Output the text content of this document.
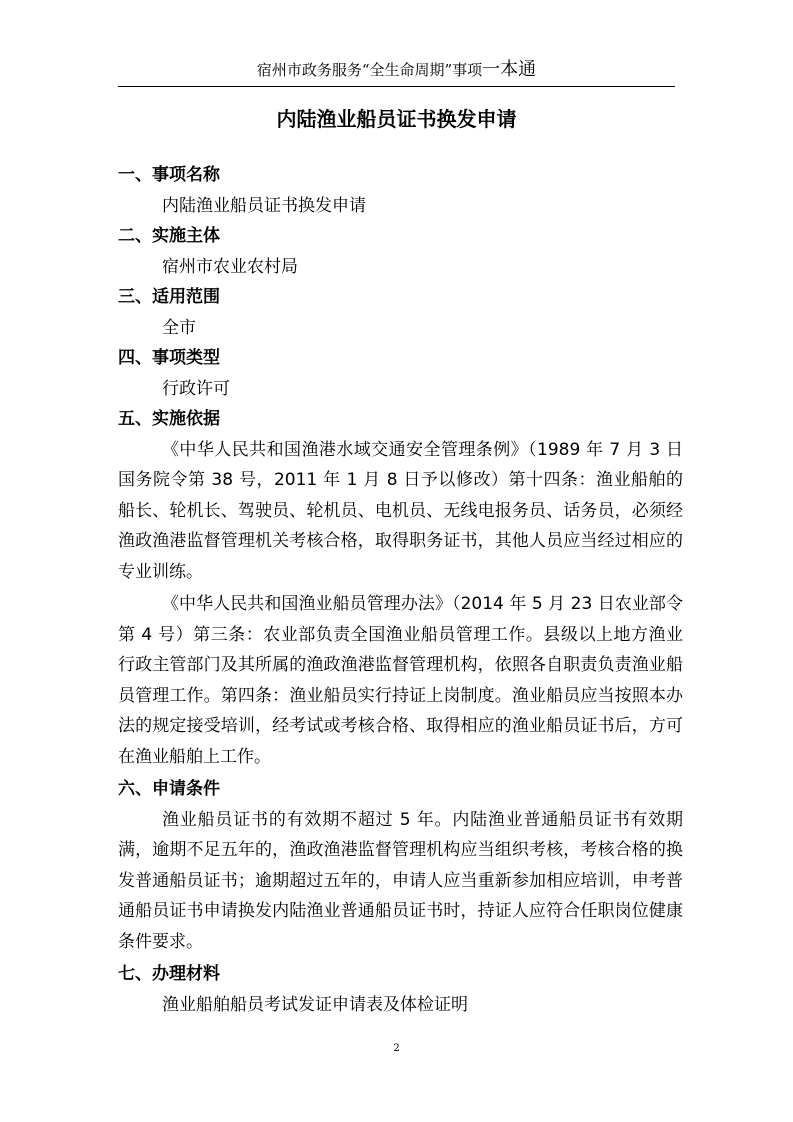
宿州市政务服务“全生命周期”事项一本通
内陆渔业船员证书换发申请
一、事项名称
内陆渔业船员证书换发申请
二、实施主体
宿州市农业农村局
三、适用范围
全市
四、事项类型
行政许可
五、实施依据

《中华人民共和国渔港水域交通安全管理条例》（1989 年 7 月 3 日国务院令第 38 号，2011 年 1 月 8 日予以修改）第十四条：渔业船舶的船长、轮机长、驾驶员、轮机员、电机员、无线电报务员、话务员，必须经渔政渔港监督管理机关考核合格，取得职务证书，其他人员应当经过相应的专业训练。

《中华人民共和国渔业船员管理办法》（2014 年 5 月 23 日农业部令第 4 号）第三条：农业部负责全国渔业船员管理工作。县级以上地方渔业行政主管部门及其所属的渔政渔港监督管理机构，依照各自职责负责渔业船员管理工作。第四条：渔业船员实行持证上岗制度。渔业船员应当按照本办法的规定接受培训，经考试或考核合格、取得相应的渔业船员证书后，方可在渔业船舶上工作。

六、申请条件

渔业船员证书的有效期不超过 5 年。内陆渔业普通船员证书有效期满，逾期不足五年的，渔政渔港监督管理机构应当组织考核，考核合格的换发普通船员证书；逾期超过五年的，申请人应当重新参加相应培训，申考普通船员证书申请换发内陆渔业普通船员证书时，持证人应符合任职岗位健康条件要求。

七、办理材料
渔业船舶船员考试发证申请表及体检证明
2
